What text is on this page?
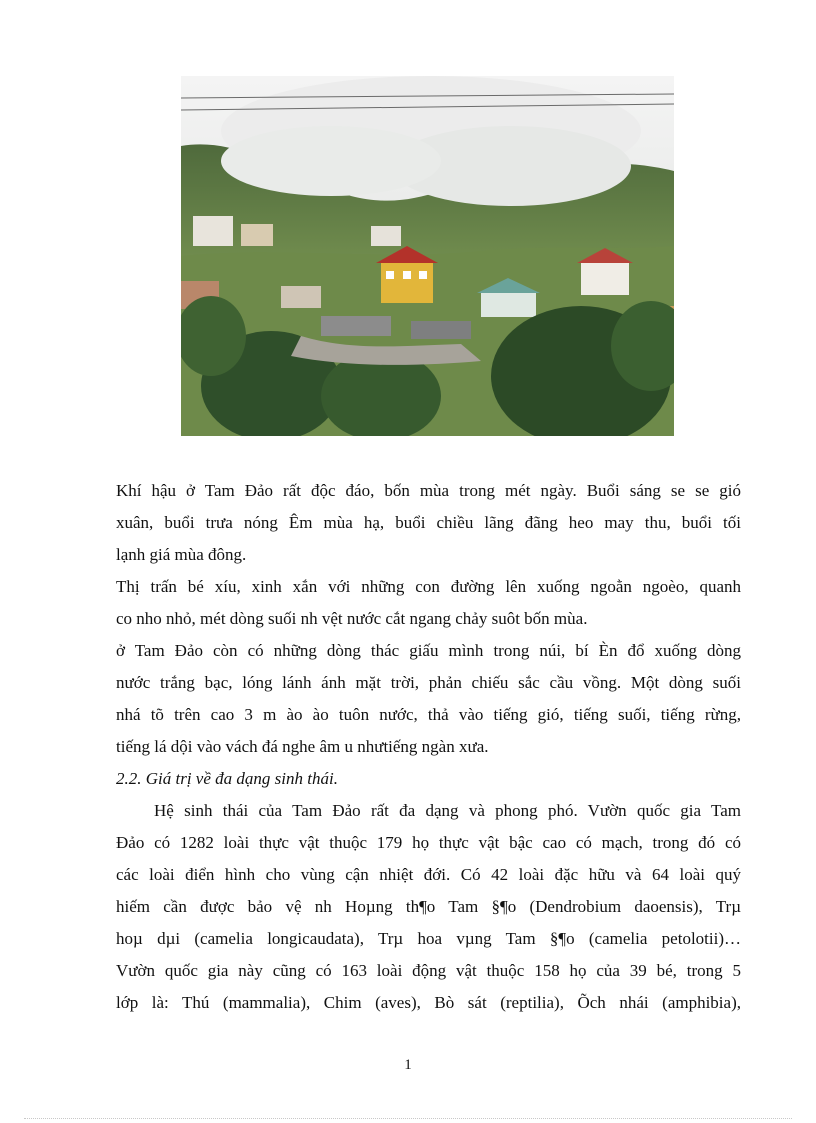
Khí hậu ở Tam Đảo rất độc đáo, bốn mùa trong mét ngày. Buổi sáng se se gió
xuân, buổi trưa nóng Êm mùa hạ, buổi chiều lãng đãng heo may thu, buổi tối
lạnh giá mùa đông.

Thị trấn bé xíu, xinh xắn với những con đường lên xuống ngoằn ngoèo, quanh
co nho nhỏ, mét dòng suối nh vệt nước cắt ngang chảy suôt bốn mùa.

ở Tam Đảo còn có những dòng thác giấu mình trong núi, bí Èn đổ xuống dòng
nước trắng bạc, lóng lánh ánh mặt trời, phản chiếu sắc cầu vồng. Một dòng suối
nhá tõ trên cao 3 m ào ào tuôn nước, thả vào tiếng gió, tiếng suối, tiếng rừng,
tiếng lá dội vào vách đá nghe âm u nhưtiếng ngàn xưa.

2.2. Giá trị về đa dạng sinh thái.

Hệ sinh thái của Tam Đảo rất đa dạng và phong phó. Vườn quốc gia Tam
Đảo có 1282 loài thực vật thuộc 179 họ thực vật bậc cao có mạch, trong đó có
các loài điển hình cho vùng cận nhiệt đới. Có 42 loài đặc hữu và 64 loài quý
hiếm cần được bảo vệ nh Hoµng th¶o Tam §¶o (Dendrobium daoensis), Trµ
hoµ dµi (camelia longicaudata), Trµ hoa vµng Tam §¶o (camelia petolotii)…
Vườn quốc gia này cũng có 163 loài động vật thuộc 158 họ của 39 bé, trong 5
lớp là: Thú (mammalia), Chim (aves), Bò sát (reptilia), Õch nhái (amphibia),
1
